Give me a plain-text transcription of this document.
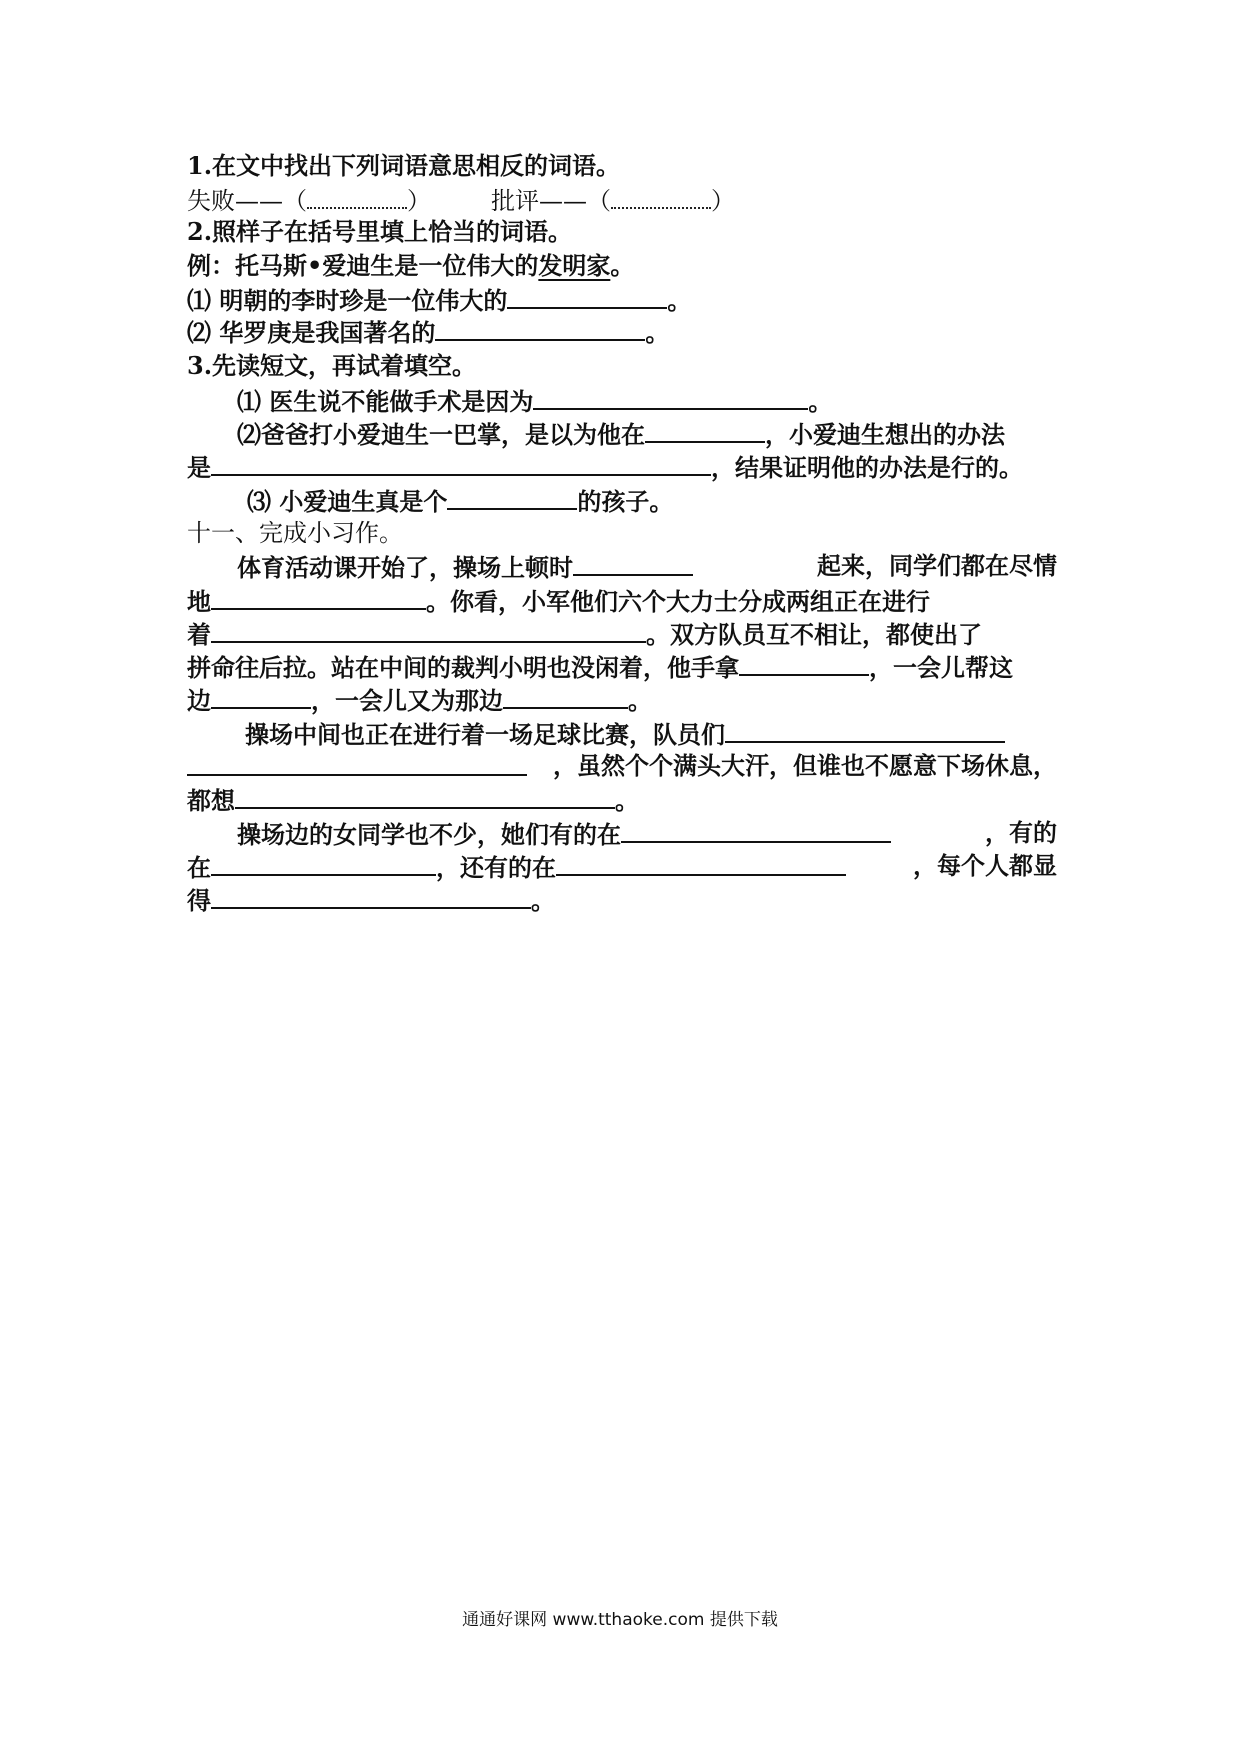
1.在文中找出下列词语意思相反的词语。
失败——（	）	批评——（	）
2.照样子在括号里填上恰当的词语。
例：托马斯•爱迪生是一位伟大的发明家。
⑴ 明朝的李时珍是一位伟大的	。
⑵ 华罗庚是我国著名的	。
3.先读短文，再试着填空。
⑴ 医生说不能做手术是因为	。
⑵爸爸打小爱迪生一巴掌，是以为他在	，小爱迪生想出的办法
是	，结果证明他的办法是行的。
⑶ 小爱迪生真是个	的孩子。
十一、完成小习作。
体育活动课开始了，操场上顿时	起来，同学们都在尽情
地	。你看，小军他们六个大力士分成两组正在进行
着	。双方队员互不相让，都使出了
拼命往后拉。站在中间的裁判小明也没闲着，他手拿	，一会儿帮这
边	，一会儿又为那边	。
操场中间也正在进行着一场足球比赛，队员们
，虽然个个满头大汗，但谁也不愿意下场休息，
都想	。
操场边的女同学也不少，她们有的在	，有的
在	，还有的在	，每个人都显
得	。
通通好课网 www.tthaoke.com 提供下载
